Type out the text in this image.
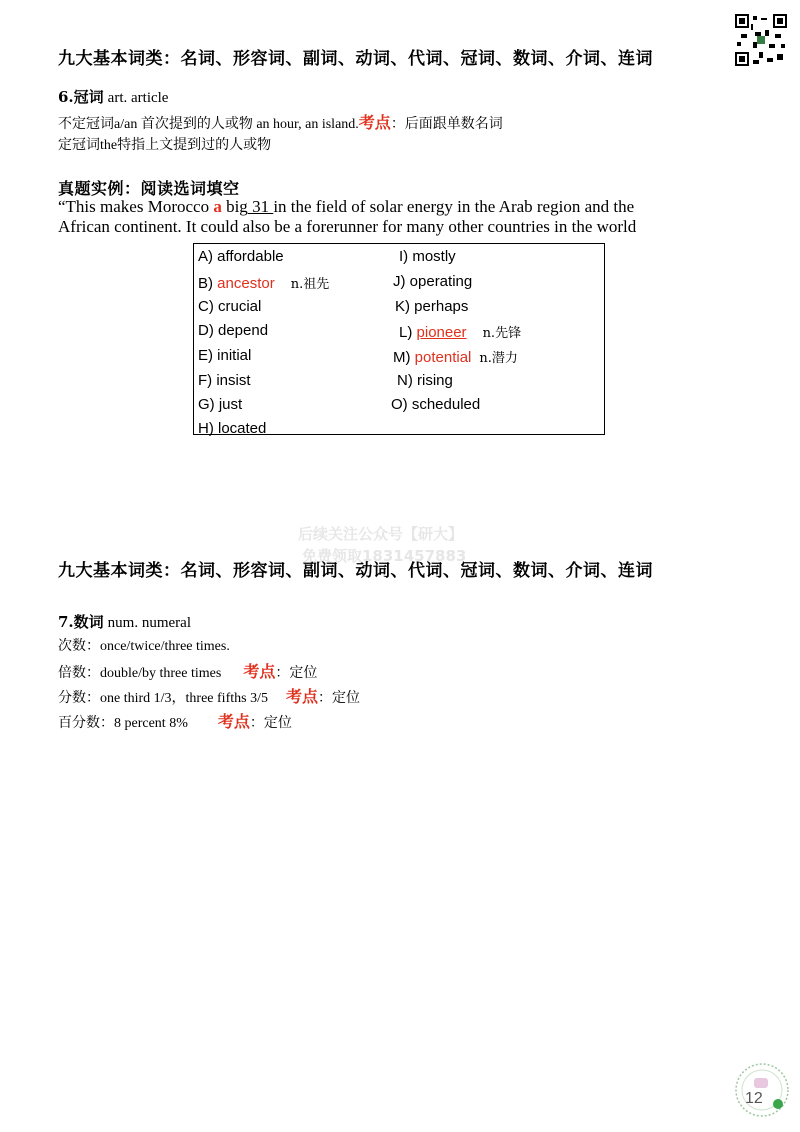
九大基本词类：名词、形容词、副词、动词、代词、冠词、数词、介词、连词
6.冠词 art. article
不定冠词a/an 首次提到的人或物 an hour, an island.考点：后面跟单数名词
定冠词the特指上文提到过的人或物
真题实例：阅读选词填空
“This makes Morocco a big 31 in the field of solar energy in the Arab region and the
African continent. It could also be a forerunner for many other countries in the world
A) affordable
B) ancestor n.祖先
C) crucial
D) depend
E) initial
F) insist
G) just
H) located
I) mostly
J) operating
K) perhaps
L) pioneer n.先锋
M) potential n.潜力
N) rising
O) scheduled
后续关注公众号【研大】
免费领取1831457883
九大基本词类：名词、形容词、副词、动词、代词、冠词、数词、介词、连词
7.数词 num. numeral
次数：once/twice/three times.
倍数：double/by three times 考点：定位
分数：one third 1/3，three fifths 3/5 考点：定位
百分数：8 percent 8% 考点：定位
12
